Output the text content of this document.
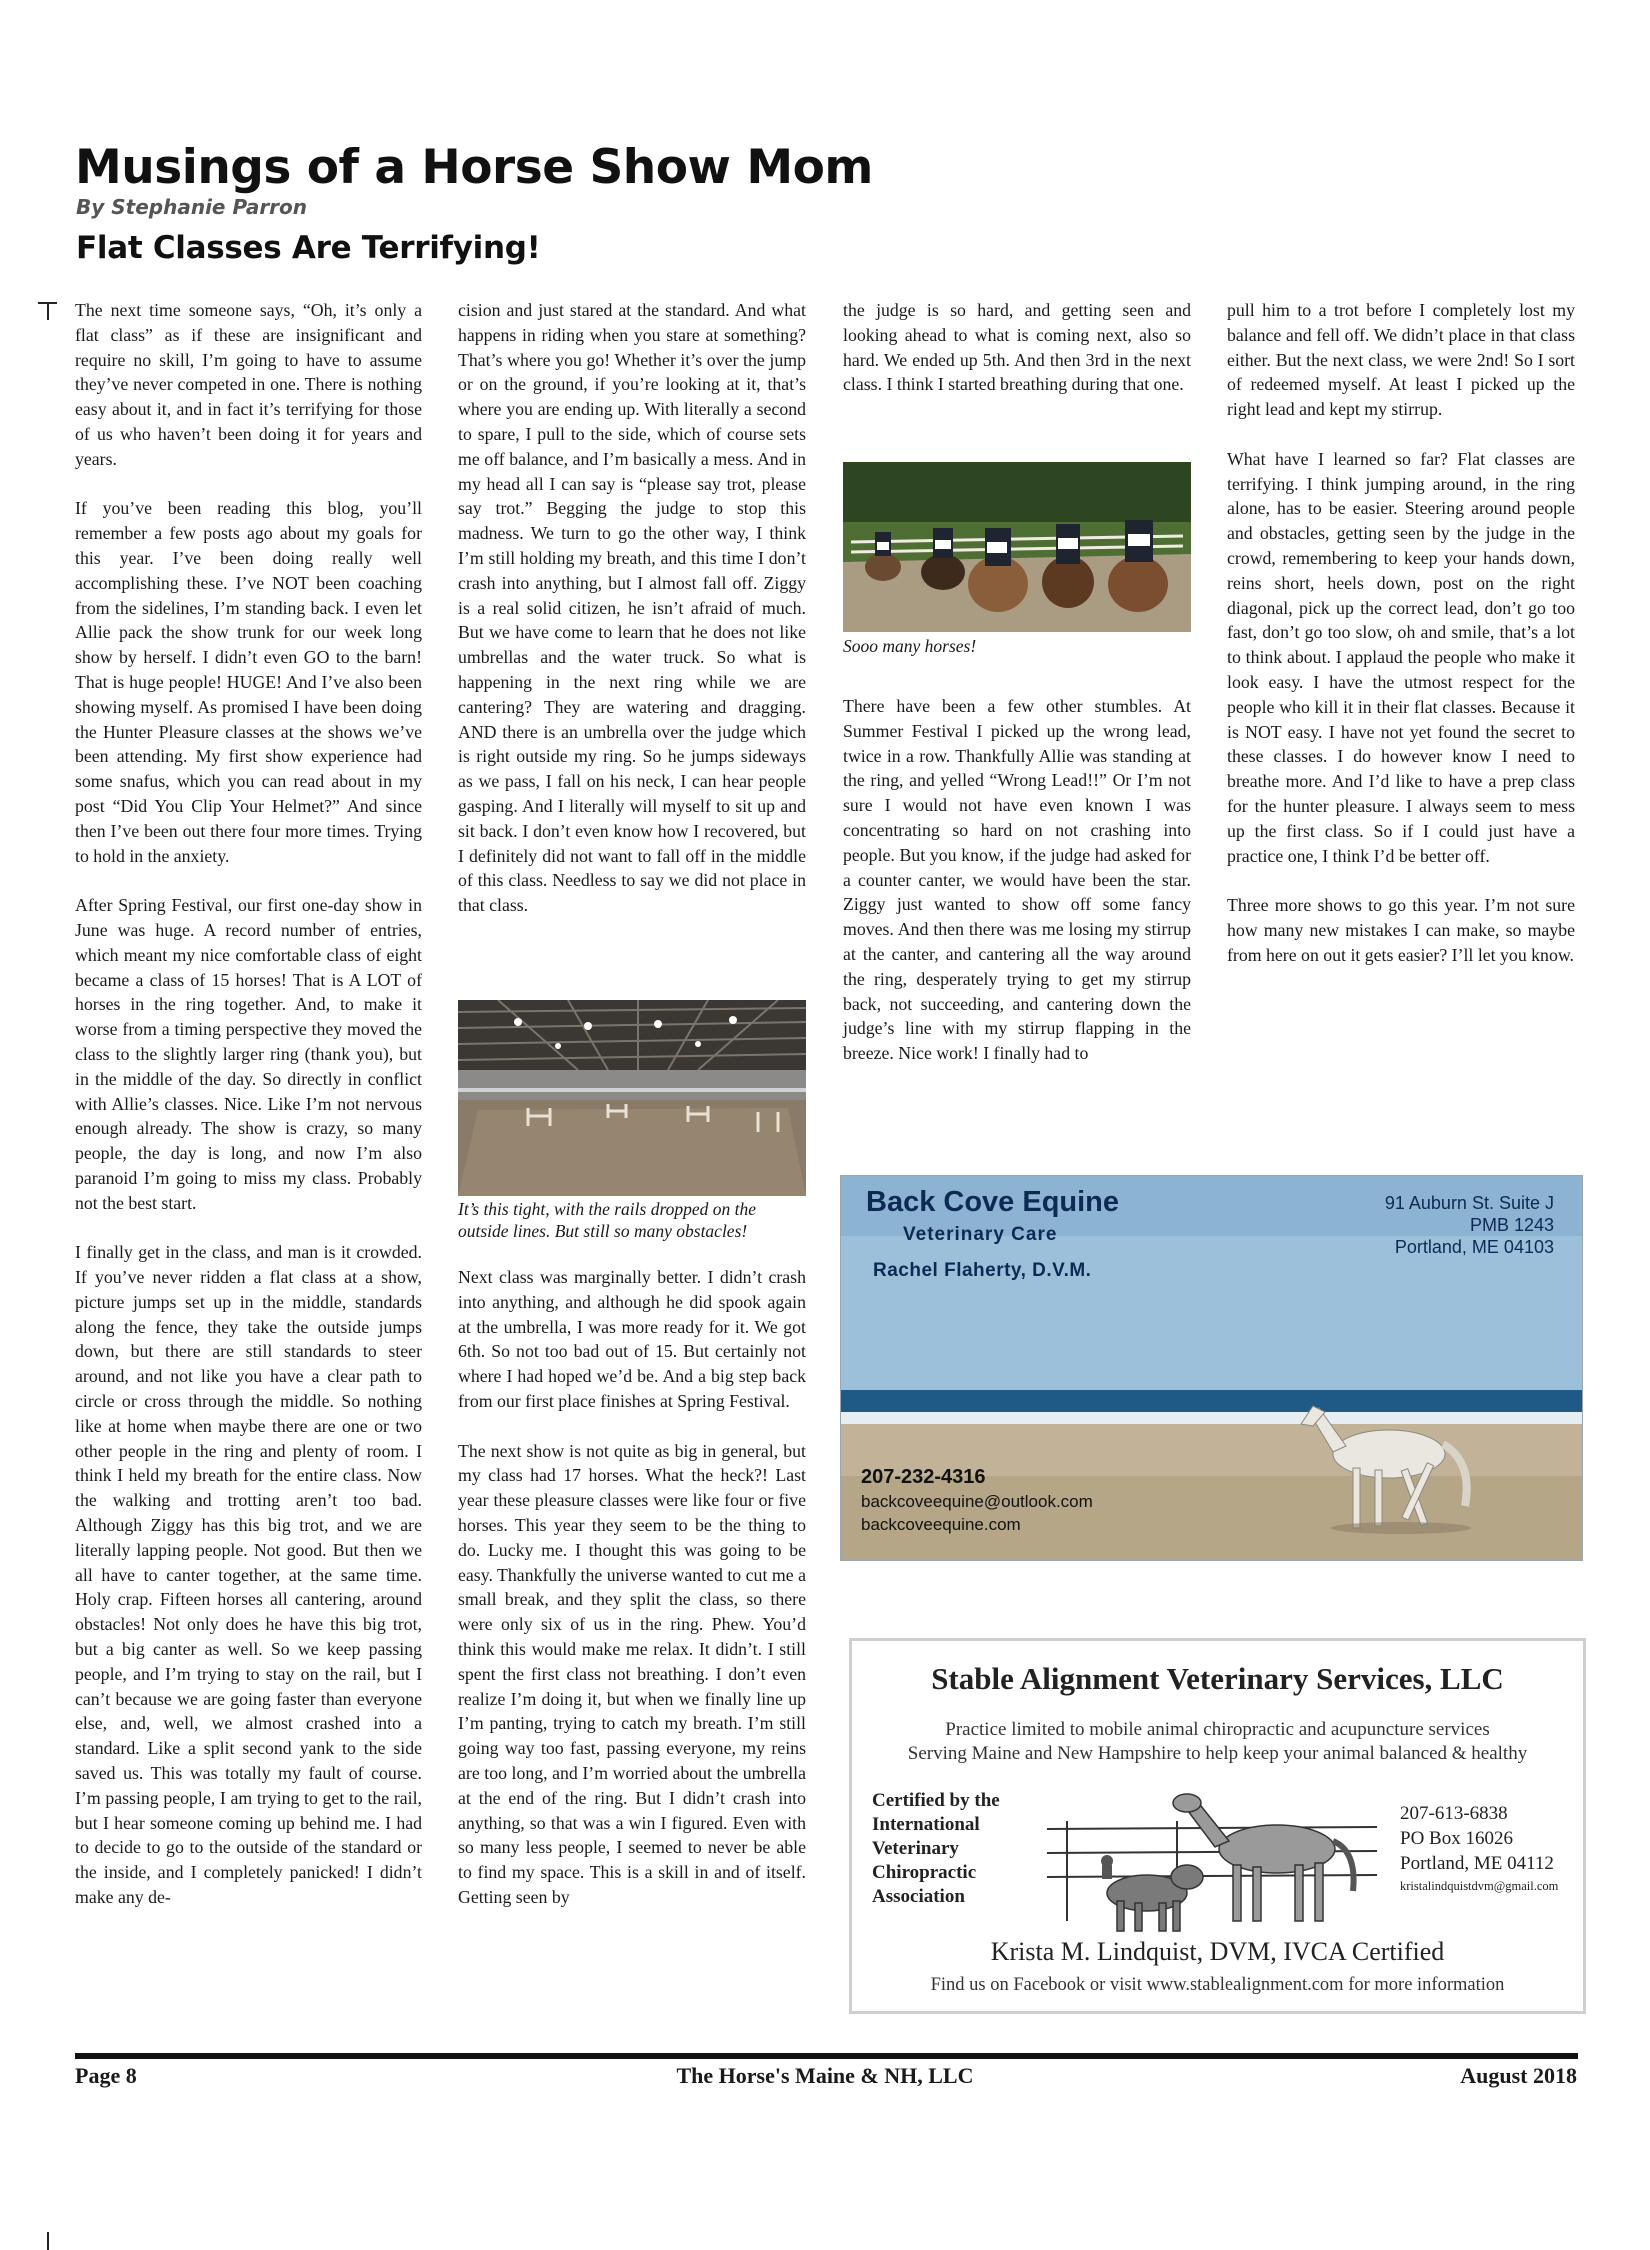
Musings of a Horse Show Mom
By Stephanie Parron
Flat Classes Are Terrifying!

The next time someone says, “Oh, it’s only a flat class” as if these are insignificant and require no skill, I’m going to have to assume they’ve never competed in one. There is nothing easy about it, and in fact it’s terrifying for those of us who haven’t been doing it for years and years.

If you’ve been reading this blog, you’ll remember a few posts ago about my goals for this year. I’ve been doing really well accomplishing these. I’ve NOT been coaching from the sidelines, I’m standing back. I even let Allie pack the show trunk for our week long show by herself. I didn’t even GO to the barn! That is huge people! HUGE! And I’ve also been showing myself. As promised I have been doing the Hunter Pleasure classes at the shows we’ve been attending. My first show experience had some snafus, which you can read about in my post “Did You Clip Your Helmet?” And since then I’ve been out there four more times. Trying to hold in the anxiety.

After Spring Festival, our first one-day show in June was huge. A record number of entries, which meant my nice comfortable class of eight became a class of 15 horses! That is A LOT of horses in the ring together. And, to make it worse from a timing perspective they moved the class to the slightly larger ring (thank you), but in the middle of the day. So directly in conflict with Allie’s classes. Nice. Like I’m not nervous enough already. The show is crazy, so many people, the day is long, and now I’m also paranoid I’m going to miss my class. Probably not the best start.

I finally get in the class, and man is it crowded. If you’ve never ridden a flat class at a show, picture jumps set up in the middle, standards along the fence, they take the outside jumps down, but there are still standards to steer around, and not like you have a clear path to circle or cross through the middle. So nothing like at home when maybe there are one or two other people in the ring and plenty of room. I think I held my breath for the entire class. Now the walking and trotting aren’t too bad. Although Ziggy has this big trot, and we are literally lapping people. Not good. But then we all have to canter together, at the same time. Holy crap. Fifteen horses all cantering, around obstacles! Not only does he have this big trot, but a big canter as well. So we keep passing people, and I’m trying to stay on the rail, but I can’t because we are going faster than everyone else, and, well, we almost crashed into a standard. Like a split second yank to the side saved us. This was totally my fault of course. I’m passing people, I am trying to get to the rail, but I hear someone coming up behind me. I had to decide to go to the outside of the standard or the inside, and I completely panicked! I didn’t make any de-

cision and just stared at the standard. And what happens in riding when you stare at something? That’s where you go! Whether it’s over the jump or on the ground, if you’re looking at it, that’s where you are ending up. With literally a second to spare, I pull to the side, which of course sets me off balance, and I’m basically a mess. And in my head all I can say is “please say trot, please say trot.” Begging the judge to stop this madness. We turn to go the other way, I think I’m still holding my breath, and this time I don’t crash into anything, but I almost fall off. Ziggy is a real solid citizen, he isn’t afraid of much. But we have come to learn that he does not like umbrellas and the water truck. So what is happening in the next ring while we are cantering? They are watering and dragging. AND there is an umbrella over the judge which is right outside my ring. So he jumps sideways as we pass, I fall on his neck, I can hear people gasping. And I literally will myself to sit up and sit back. I don’t even know how I recovered, but I definitely did not want to fall off in the middle of this class. Needless to say we did not place in that class.

It’s this tight, with the rails dropped on the outside lines. But still so many obstacles!

Next class was marginally better. I didn’t crash into anything, and although he did spook again at the umbrella, I was more ready for it. We got 6th. So not too bad out of 15. But certainly not where I had hoped we’d be. And a big step back from our first place finishes at Spring Festival.

The next show is not quite as big in general, but my class had 17 horses. What the heck?! Last year these pleasure classes were like four or five horses. This year they seem to be the thing to do. Lucky me. I thought this was going to be easy. Thankfully the universe wanted to cut me a small break, and they split the class, so there were only six of us in the ring. Phew. You’d think this would make me relax. It didn’t. I still spent the first class not breathing. I don’t even realize I’m doing it, but when we finally line up I’m panting, trying to catch my breath. I’m still going way too fast, passing everyone, my reins are too long, and I’m worried about the umbrella at the end of the ring. But I didn’t crash into anything, so that was a win I figured. Even with so many less people, I seemed to never be able to find my space. This is a skill in and of itself. Getting seen by

the judge is so hard, and getting seen and looking ahead to what is coming next, also so hard. We ended up 5th. And then 3rd in the next class. I think I started breathing during that one.

Sooo many horses!

There have been a few other stumbles. At Summer Festival I picked up the wrong lead, twice in a row. Thankfully Allie was standing at the ring, and yelled “Wrong Lead!!” Or I’m not sure I would not have even known I was concentrating so hard on not crashing into people. But you know, if the judge had asked for a counter canter, we would have been the star. Ziggy just wanted to show off some fancy moves. And then there was me losing my stirrup at the canter, and cantering all the way around the ring, desperately trying to get my stirrup back, not succeeding, and cantering down the judge’s line with my stirrup flapping in the breeze. Nice work! I finally had to

pull him to a trot before I completely lost my balance and fell off. We didn’t place in that class either. But the next class, we were 2nd! So I sort of redeemed myself. At least I picked up the right lead and kept my stirrup.

What have I learned so far? Flat classes are terrifying. I think jumping around, in the ring alone, has to be easier. Steering around people and obstacles, getting seen by the judge in the crowd, remembering to keep your hands down, reins short, heels down, post on the right diagonal, pick up the correct lead, don’t go too fast, don’t go too slow, oh and smile, that’s a lot to think about. I applaud the people who make it look easy. I have the utmost respect for the people who kill it in their flat classes. Because it is NOT easy. I have not yet found the secret to these classes. I do however know I need to breathe more. And I’d like to have a prep class for the hunter pleasure. I always seem to mess up the first class. So if I could just have a practice one, I think I’d be better off.

Three more shows to go this year. I’m not sure how many new mistakes I can make, so maybe from here on out it gets easier? I’ll let you know.

Back Cove Equine
Veterinary Care
Rachel Flaherty, D.V.M.
91 Auburn St. Suite J
PMB 1243
Portland, ME 04103
207-232-4316
backcoveequine@outlook.com
backcoveequine.com
Stable Alignment Veterinary Services, LLC
Practice limited to mobile animal chiropractic and acupuncture services
Serving Maine and New Hampshire to help keep your animal balanced & healthy
Certified by the
International
Veterinary
Chiropractic
Association
207-613-6838
PO Box 16026
Portland, ME 04112
kristalindquistdvm@gmail.com
Krista M. Lindquist, DVM, IVCA Certified
Find us on Facebook or visit www.stablealignment.com for more information
Page 8	The Horse's Maine & NH, LLC	August 2018
